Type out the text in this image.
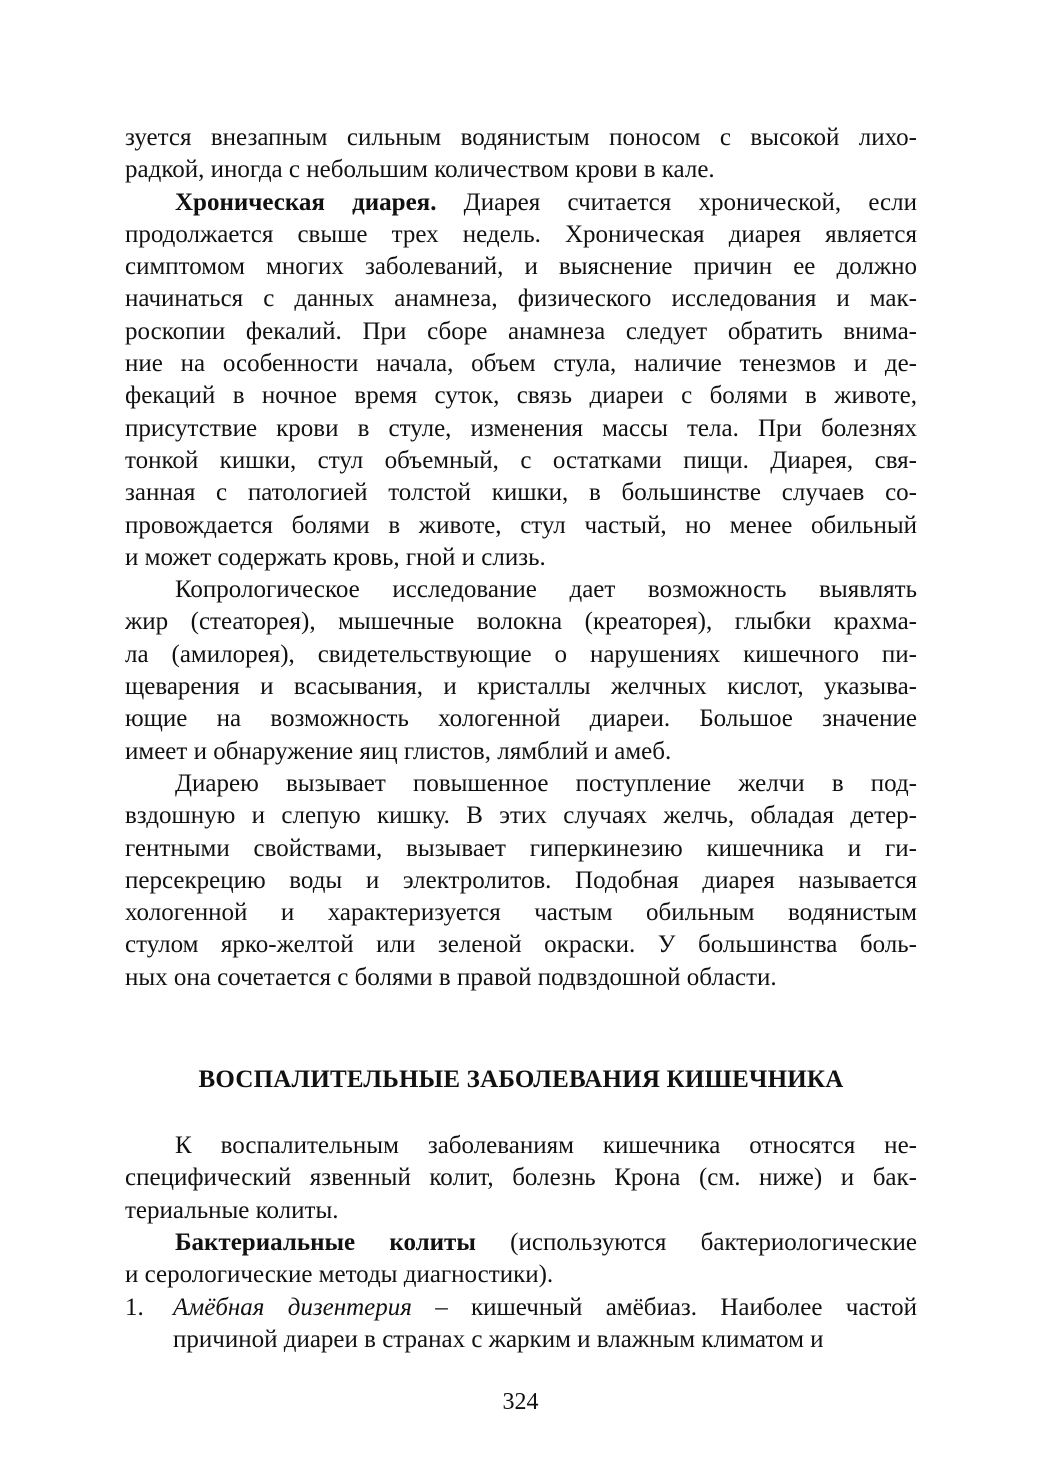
зуется внезапным сильным водянистым поносом с высокой лихо-
радкой, иногда с небольшим количеством крови в кале.
Хроническая диарея. Диарея считается хронической, если
продолжается свыше трех недель. Хроническая диарея является
симптомом многих заболеваний, и выяснение причин ее должно
начинаться с данных анамнеза, физического исследования и мак-
роскопии фекалий. При сборе анамнеза следует обратить внима-
ние на особенности начала, объем стула, наличие тенезмов и де-
фекаций в ночное время суток, связь диареи с болями в животе,
присутствие крови в стуле, изменения массы тела. При болезнях
тонкой кишки, стул объемный, с остатками пищи. Диарея, свя-
занная с патологией толстой кишки, в большинстве случаев со-
провождается болями в животе, стул частый, но менее обильный
и может содержать кровь, гной и слизь.
Копрологическое исследование дает возможность выявлять
жир (стеаторея), мышечные волокна (креаторея), глыбки крахма-
ла (амилорея), свидетельствующие о нарушениях кишечного пи-
щеварения и всасывания, и кристаллы желчных кислот, указыва-
ющие на возможность хологенной диареи. Большое значение
имеет и обнаружение яиц глистов, лямблий и амеб.
Диарею вызывает повышенное поступление желчи в под-
вздошную и слепую кишку. В этих случаях желчь, обладая детер-
гентными свойствами, вызывает гиперкинезию кишечника и ги-
персекрецию воды и электролитов. Подобная диарея называется
хологенной и характеризуется частым обильным водянистым
стулом ярко-желтой или зеленой окраски. У большинства боль-
ных она сочетается с болями в правой подвздошной области.
ВОСПАЛИТЕЛЬНЫЕ ЗАБОЛЕВАНИЯ КИШЕЧНИКА
К воспалительным заболеваниям кишечника относятся не-
специфический язвенный колит, болезнь Крона (см. ниже) и бак-
териальные колиты.
Бактериальные колиты (используются бактериологические
и серологические методы диагностики).
1. Амёбная дизентерия – кишечный амёбиаз. Наиболее частой
причиной диареи в странах с жарким и влажным климатом и
324
